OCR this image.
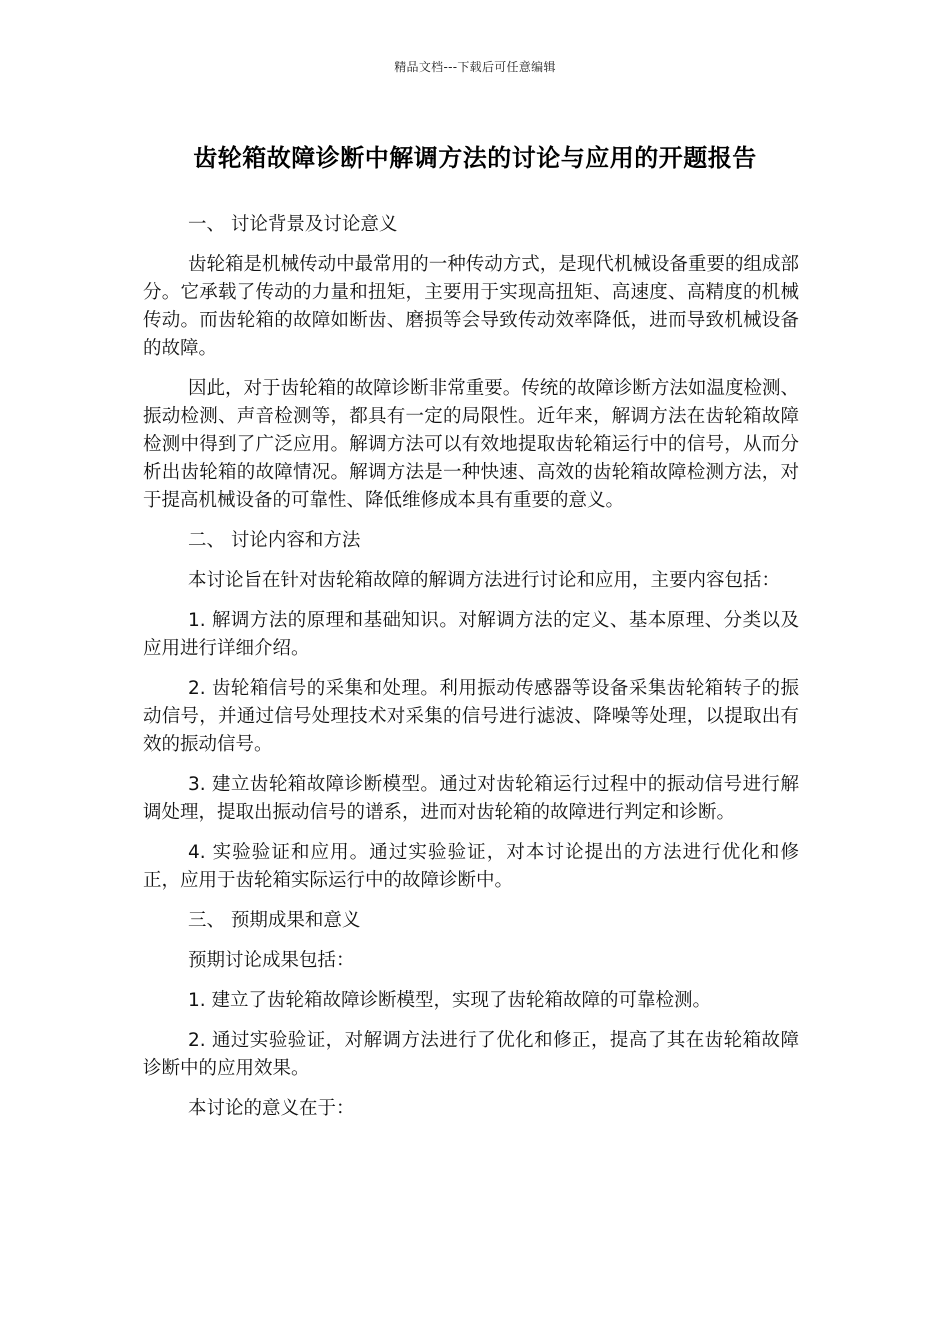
精品文档---下载后可任意编辑
齿轮箱故障诊断中解调方法的讨论与应用的开题报告

一、 讨论背景及讨论意义

齿轮箱是机械传动中最常用的一种传动方式，是现代机械设备重要的组成部分。它承载了传动的力量和扭矩，主要用于实现高扭矩、高速度、高精度的机械传动。而齿轮箱的故障如断齿、磨损等会导致传动效率降低，进而导致机械设备的故障。

因此，对于齿轮箱的故障诊断非常重要。传统的故障诊断方法如温度检测、振动检测、声音检测等，都具有一定的局限性。近年来，解调方法在齿轮箱故障检测中得到了广泛应用。解调方法可以有效地提取齿轮箱运行中的信号，从而分析出齿轮箱的故障情况。解调方法是一种快速、高效的齿轮箱故障检测方法，对于提高机械设备的可靠性、降低维修成本具有重要的意义。

二、 讨论内容和方法

本讨论旨在针对齿轮箱故障的解调方法进行讨论和应用，主要内容包括：

1. 解调方法的原理和基础知识。对解调方法的定义、基本原理、分类以及应用进行详细介绍。

2. 齿轮箱信号的采集和处理。利用振动传感器等设备采集齿轮箱转子的振动信号，并通过信号处理技术对采集的信号进行滤波、降噪等处理，以提取出有效的振动信号。

3. 建立齿轮箱故障诊断模型。通过对齿轮箱运行过程中的振动信号进行解调处理，提取出振动信号的谱系，进而对齿轮箱的故障进行判定和诊断。

4. 实验验证和应用。通过实验验证，对本讨论提出的方法进行优化和修正，应用于齿轮箱实际运行中的故障诊断中。

三、 预期成果和意义

预期讨论成果包括：

1. 建立了齿轮箱故障诊断模型，实现了齿轮箱故障的可靠检测。

2. 通过实验验证，对解调方法进行了优化和修正，提高了其在齿轮箱故障诊断中的应用效果。

本讨论的意义在于：
